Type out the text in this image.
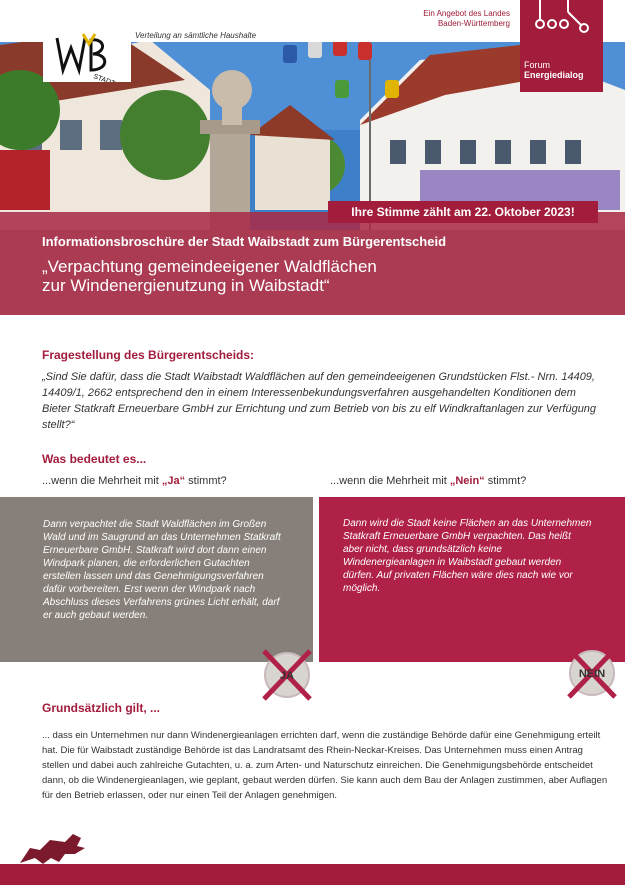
STADT
Verteilung an sämtliche Haushalte
Ein Angebot des Landes
Baden-Württemberg
Forum
Energiedialog
Ihre Stimme zählt am 22. Oktober 2023!
Informationsbroschüre der Stadt Waibstadt zum Bürgerentscheid
„Verpachtung gemeindeeigener Waldflächen
zur Windenergienutzung in Waibstadt“
Fragestellung des Bürgerentscheids:
„Sind Sie dafür, dass die Stadt Waibstadt Waldflächen auf den gemeindeeigenen Grundstücken Flst.- Nrn. 14409, 14409/1, 2662 entsprechend den in einem Interessenbekundungsverfahren ausgehandelten Konditionen dem Bieter Statkraft Erneuerbare GmbH zur Errichtung und zum Betrieb von bis zu elf Windkraftanlagen zur Verfügung stellt?“
Was bedeutet es...
...wenn die Mehrheit mit „Ja“ stimmt?	...wenn die Mehrheit mit „Nein“ stimmt?
Dann verpachtet die Stadt Waldflächen im Großen Wald und im Saugrund an das Unternehmen Statkraft Erneuerbare GmbH. Statkraft wird dort dann einen Windpark planen, die erforderlichen Gutachten erstellen lassen und das Genehmigungsverfahren dafür vorbereiten. Erst wenn der Windpark nach Abschluss dieses Verfahrens grünes Licht erhält, darf er auch gebaut werden.
Dann wird die Stadt keine Flächen an das Unternehmen Statkraft Erneuerbare GmbH verpachten. Das heißt aber nicht, dass grundsätzlich keine Windenergieanlagen in Waibstadt gebaut werden dürfen. Auf privaten Flächen wäre dies nach wie vor möglich.
JA	NEIN
Grundsätzlich gilt, ...
... dass ein Unternehmen nur dann Windenergieanlagen errichten darf, wenn die zuständige Behörde dafür eine Genehmigung erteilt hat. Die für Waibstadt zuständige Behörde ist das Landratsamt des Rhein-Neckar-Kreises. Das Unternehmen muss einen Antrag stellen und dabei auch zahlreiche Gutachten, u. a. zum Arten- und Naturschutz einreichen. Die Genehmigungsbehörde entscheidet dann, ob die Windenergieanlagen, wie geplant, gebaut werden dürfen. Sie kann auch dem Bau der Anlagen zustimmen, aber Auflagen für den Betrieb erlassen, oder nur einen Teil der Anlagen genehmigen.
